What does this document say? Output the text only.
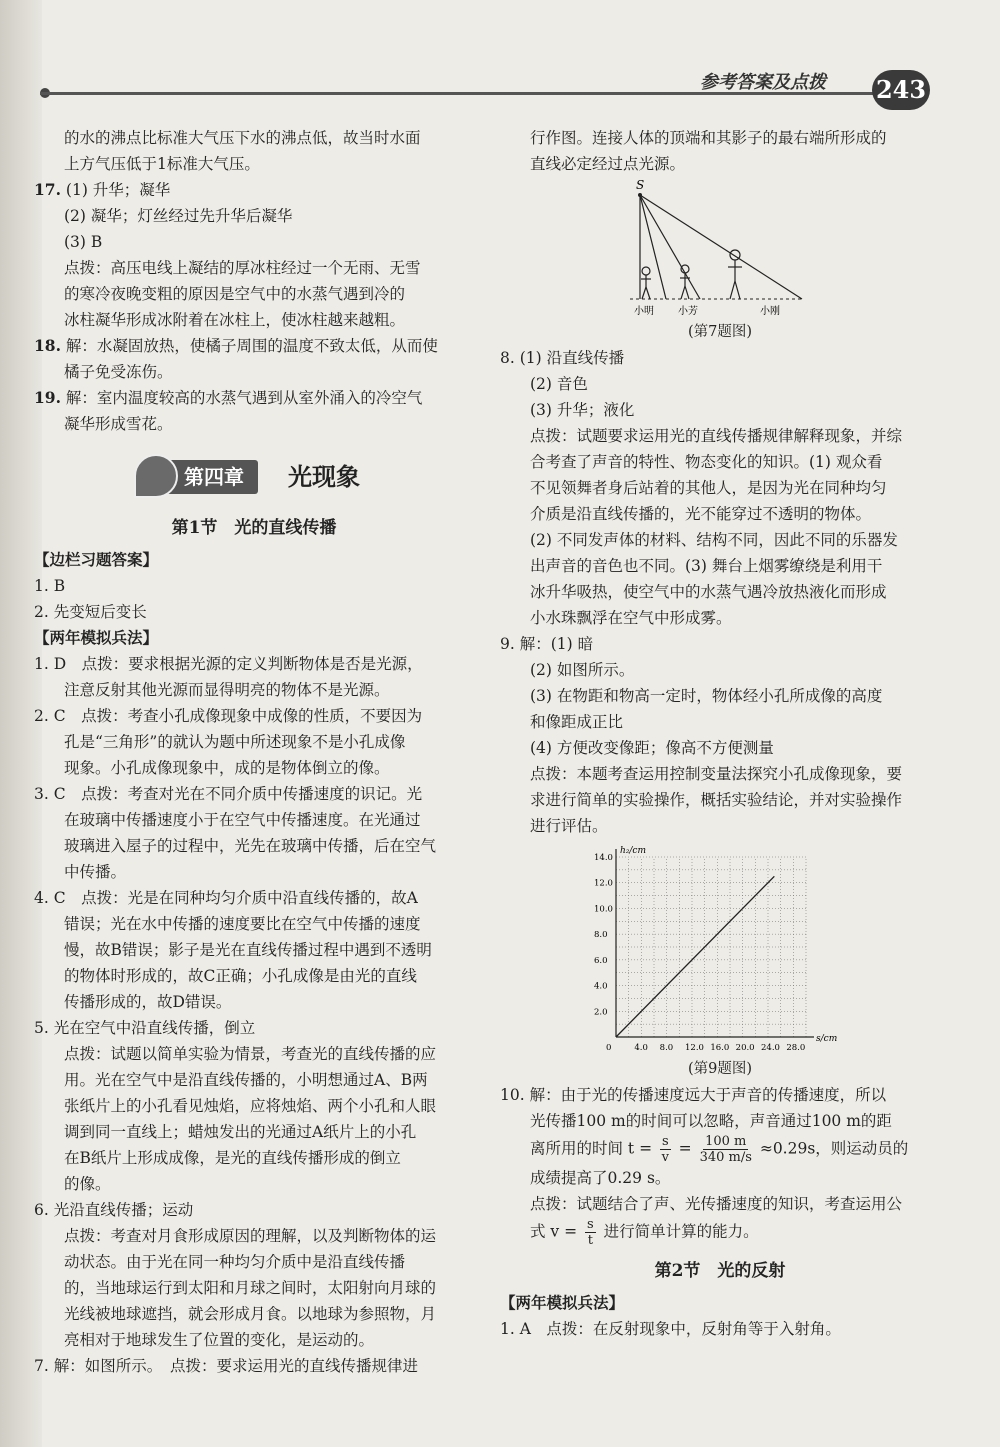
参考答案及点拨 243

的水的沸点比标准大气压下水的沸点低，故当时水面

上方气压低于1标准大气压。

17. (1) 升华；凝华

(2) 凝华；灯丝经过先升华后凝华

(3) B

点拨：高压电线上凝结的厚冰柱经过一个无雨、无雪

的寒冷夜晚变粗的原因是空气中的水蒸气遇到冷的

冰柱凝华形成冰附着在冰柱上，使冰柱越来越粗。

18. 解：水凝固放热，使橘子周围的温度不致太低，从而使

橘子免受冻伤。

19. 解：室内温度较高的水蒸气遇到从室外涌入的冷空气

凝华形成雪花。

第四章	光现象
第1节　光的直线传播

【边栏习题答案】

1. B

2. 先变短后变长

【两年模拟兵法】

1. D　点拨：要求根据光源的定义判断物体是否是光源，

注意反射其他光源而显得明亮的物体不是光源。

2. C　点拨：考查小孔成像现象中成像的性质，不要因为

孔是“三角形”的就认为题中所述现象不是小孔成像

现象。小孔成像现象中，成的是物体倒立的像。

3. C　点拨：考查对光在不同介质中传播速度的识记。光

在玻璃中传播速度小于在空气中传播速度。在光通过

玻璃进入屋子的过程中，光先在玻璃中传播，后在空气

中传播。

4. C　点拨：光是在同种均匀介质中沿直线传播的，故A

错误；光在水中传播的速度要比在空气中传播的速度

慢，故B错误；影子是光在直线传播过程中遇到不透明

的物体时形成的，故C正确；小孔成像是由光的直线

传播形成的，故D错误。

5. 光在空气中沿直线传播，倒立

点拨：试题以简单实验为情景，考查光的直线传播的应

用。光在空气中是沿直线传播的，小明想通过A、B两

张纸片上的小孔看见烛焰，应将烛焰、两个小孔和人眼

调到同一直线上；蜡烛发出的光通过A纸片上的小孔

在B纸片上形成成像，是光的直线传播形成的倒立

的像。

6. 光沿直线传播；运动

点拨：考查对月食形成原因的理解，以及判断物体的运

动状态。由于光在同一种均匀介质中是沿直线传播

的，当地球运行到太阳和月球之间时，太阳射向月球的

光线被地球遮挡，就会形成月食。以地球为参照物，月

亮相对于地球发生了位置的变化，是运动的。

7. 解：如图所示。　点拨：要求运用光的直线传播规律进

行作图。连接人体的顶端和其影子的最右端所形成的

直线必定经过点光源。

S
小明 小芳	小刚
(第7题图)

8. (1) 沿直线传播

(2) 音色

(3) 升华；液化

点拨：试题要求运用光的直线传播规律解释现象，并综

合考查了声音的特性、物态变化的知识。(1) 观众看

不见领舞者身后站着的其他人，是因为光在同种均匀

介质是沿直线传播的，光不能穿过不透明的物体。

(2) 不同发声体的材料、结构不同，因此不同的乐器发

出声音的音色也不同。(3) 舞台上烟雾缭绕是利用干

冰升华吸热，使空气中的水蒸气遇冷放热液化而形成

小水珠飘浮在空气中形成雾。

9. 解：(1) 暗

(2) 如图所示。

(3) 在物距和物高一定时，物体经小孔所成像的高度

和像距成正比

(4) 方便改变像距；像高不方便测量

点拨：本题考查运用控制变量法探究小孔成像现象，要

求进行简单的实验操作，概括实验结论，并对实验操作

进行评估。

0	4.0 8.0 12.0 16.0 20.0 24.0 28.0
2.0
4.0
6.0
8.0
10.0
12.0
14.0
s/cm
h₂/cm
(第9题图)

10. 解：由于光的传播速度远大于声音的传播速度，所以

光传播100 m的时间可以忽略，声音通过100 m的距

离所用的时间 $t = \frac{s}{v} = \frac{100 m}{340 m/s} \approx 0.29s$，则运动员的

成绩提高了0.29 s。

点拨：试题结合了声、光传播速度的知识，考查运用公

式 $v = \frac{s}{t}$ 进行简单计算的能力。

第2节　光的反射

【两年模拟兵法】

1. A　点拨：在反射现象中，反射角等于入射角。
